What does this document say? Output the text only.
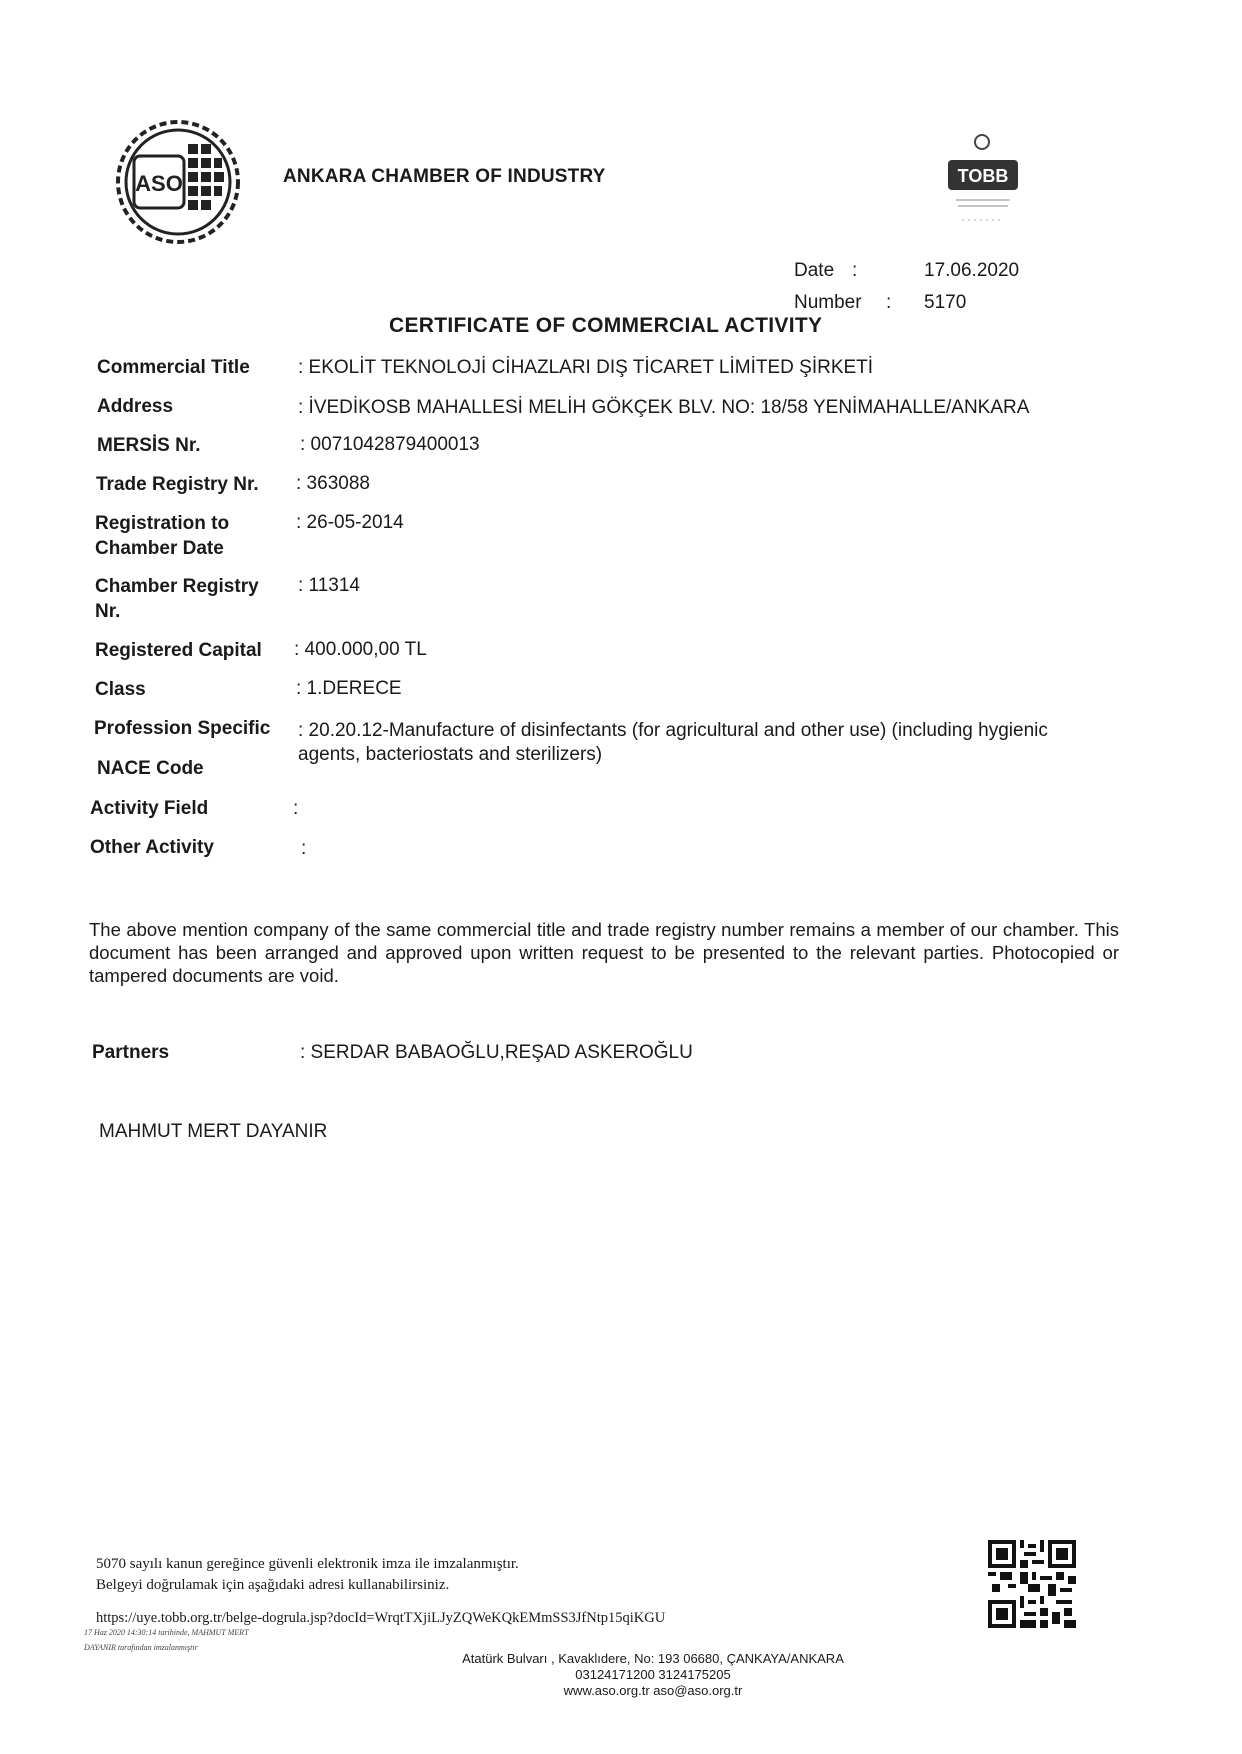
ASO	ANKARA CHAMBER OF INDUSTRY	TOBB
Date :	17.06.2020
Number : 5170
CERTIFICATE OF COMMERCIAL ACTIVITY
Commercial Title	: EKOLİT TEKNOLOJİ CİHAZLARI DIŞ TİCARET LİMİTED ŞİRKETİ
Address	: İVEDİKOSB MAHALLESİ MELİH GÖKÇEK BLV. NO: 18/58 YENİMAHALLE/ANKARA
MERSİS Nr.	: 0071042879400013
Trade Registry Nr. : 363088
Registration to
Chamber Date
: 26-05-2014
Chamber Registry
Nr.
: 11314
Registered Capital : 400.000,00 TL
Class	: 1.DERECE
Profession Specific
NACE Code
: 20.20.12-Manufacture of disinfectants (for agricultural and other use) (including hygienic
agents, bacteriostats and sterilizers)
Activity Field	:
Other Activity	:
The above mention company of the same commercial title and trade registry number remains a member of our chamber. This document has been arranged and approved upon written request to be presented to the relevant parties. Photocopied or tampered documents are void.
Partners	: SERDAR BABAOĞLU,REŞAD ASKEROĞLU
MAHMUT MERT DAYANIR
5070 sayılı kanun gereğince güvenli elektronik imza ile imzalanmıştır.
Belgeyi doğrulamak için aşağıdaki adresi kullanabilirsiniz.
https://uye.tobb.org.tr/belge-dogrula.jsp?docId=WrqtTXjiLJyZQWeKQkEMmSS3JfNtp15qiKGU
17 Haz 2020 14:30:14 tarihinde, MAHMUT MERT
DAYANIR tarafından imzalanmıştır
Atatürk Bulvarı , Kavaklıdere, No: 193 06680, ÇANKAYA/ANKARA
03124171200 3124175205
www.aso.org.tr aso@aso.org.tr
